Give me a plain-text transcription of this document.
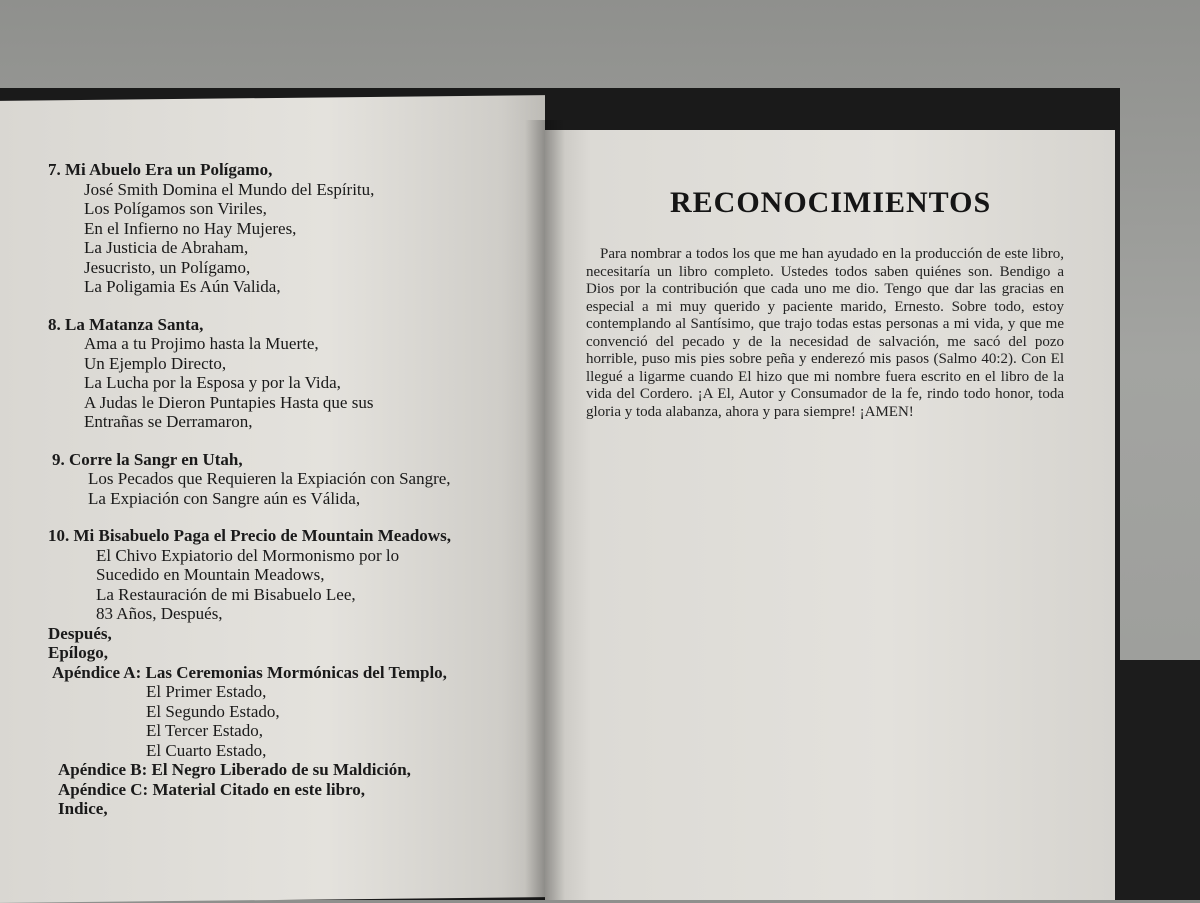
7. Mi Abuelo Era un Polígamo,
José Smith Domina el Mundo del Espíritu,
Los Polígamos son Viriles,
En el Infierno no Hay Mujeres,
La Justicia de Abraham,
Jesucristo, un Polígamo,
La Poligamia Es Aún Valida,
8. La Matanza Santa,
Ama a tu Projimo hasta la Muerte,
Un Ejemplo Directo,
La Lucha por la Esposa y por la Vida,
A Judas le Dieron Puntapies Hasta que sus
Entrañas se Derramaron,
9. Corre la Sangr en Utah,
Los Pecados que Requieren la Expiación con Sangre,
La Expiación con Sangre aún es Válida,
10. Mi Bisabuelo Paga el Precio de Mountain Meadows,
El Chivo Expiatorio del Mormonismo por lo
Sucedido en Mountain Meadows,
La Restauración de mi Bisabuelo Lee,
83 Años, Después,
Después,
Epílogo,
Apéndice A: Las Ceremonias Mormónicas del Templo,
El Primer Estado,
El Segundo Estado,
El Tercer Estado,
El Cuarto Estado,
Apéndice B: El Negro Liberado de su Maldición,
Apéndice C: Material Citado en este libro,
Indice,
RECONOCIMIENTOS

Para nombrar a todos los que me han ayudado en la producción de este libro, necesitaría un libro completo. Ustedes todos saben quiénes son. Bendigo a Dios por la contribución que cada uno me dio. Tengo que dar las gracias en especial a mi muy querido y paciente marido, Ernesto. Sobre todo, estoy contemplando al Santísimo, que trajo todas estas personas a mi vida, y que me convenció del pecado y de la necesidad de salvación, me sacó del pozo horrible, puso mis pies sobre peña y enderezó mis pasos (Salmo 40:2). Con El llegué a ligarme cuando El hizo que mi nombre fuera escrito en el libro de la vida del Cordero. ¡A El, Autor y Consumador de la fe, rindo todo honor, toda gloria y toda alabanza, ahora y para siempre! ¡AMEN!
